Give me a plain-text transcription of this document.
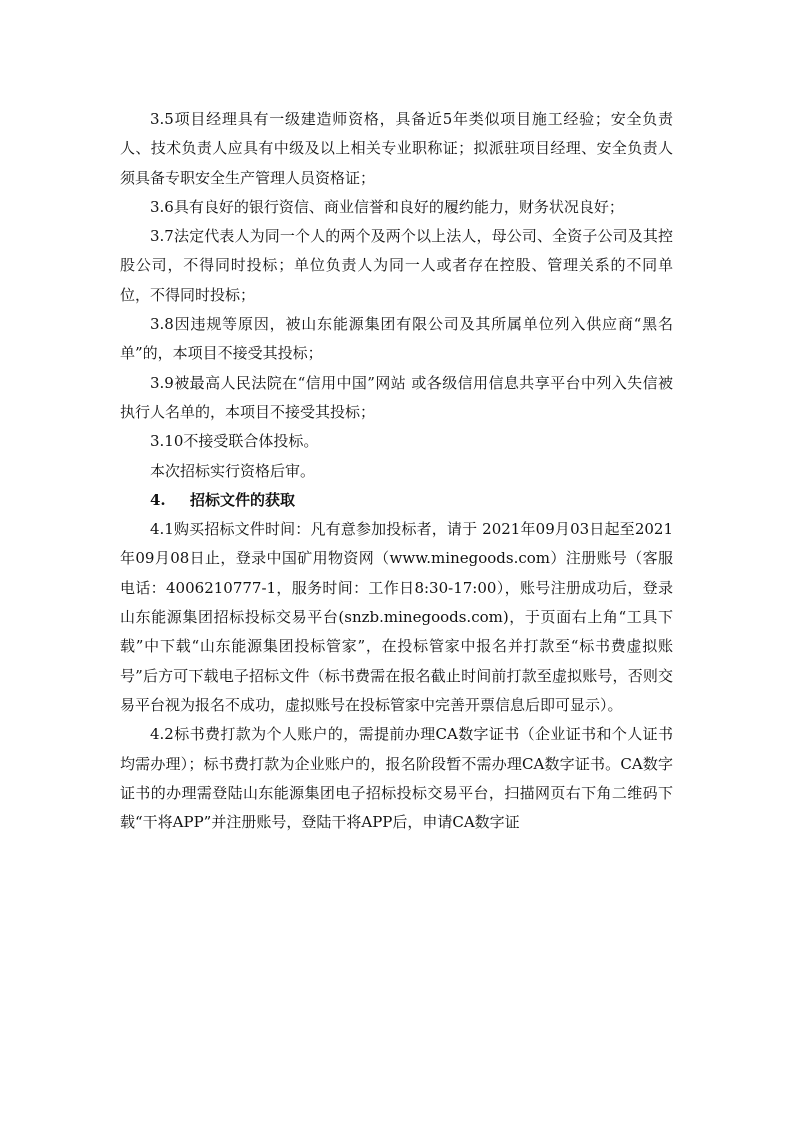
3.5项目经理具有一级建造师资格，具备近5年类似项目施工经验；安全负责人、技术负责人应具有中级及以上相关专业职称证；拟派驻项目经理、安全负责人须具备专职安全生产管理人员资格证；

3.6具有良好的银行资信、商业信誉和良好的履约能力，财务状况良好；

3.7法定代表人为同一个人的两个及两个以上法人，母公司、全资子公司及其控股公司，不得同时投标；单位负责人为同一人或者存在控股、管理关系的不同单位，不得同时投标；

3.8因违规等原因，被山东能源集团有限公司及其所属单位列入供应商“黑名单”的，本项目不接受其投标；

3.9被最高人民法院在“信用中国”网站 或各级信用信息共享平台中列入失信被执行人名单的，本项目不接受其投标；

3.10不接受联合体投标。

本次招标实行资格后审。

4. 招标文件的获取

4.1购买招标文件时间：凡有意参加投标者，请于 2021年09月03日起至2021年09月08日止，登录中国矿用物资网（www.minegoods.com）注册账号（客服电话：4006210777-1，服务时间：工作日8:30-17:00），账号注册成功后，登录山东能源集团招标投标交易平台(snzb.minegoods.com)，于页面右上角“工具下载”中下载“山东能源集团投标管家”，在投标管家中报名并打款至“标书费虚拟账号”后方可下载电子招标文件（标书费需在报名截止时间前打款至虚拟账号，否则交易平台视为报名不成功，虚拟账号在投标管家中完善开票信息后即可显示）。

4.2标书费打款为个人账户的，需提前办理CA数字证书（企业证书和个人证书均需办理）；标书费打款为企业账户的，报名阶段暂不需办理CA数字证书。CA数字证书的办理需登陆山东能源集团电子招标投标交易平台，扫描网页右下角二维码下载“干将APP”并注册账号，登陆干将APP后，申请CA数字证
